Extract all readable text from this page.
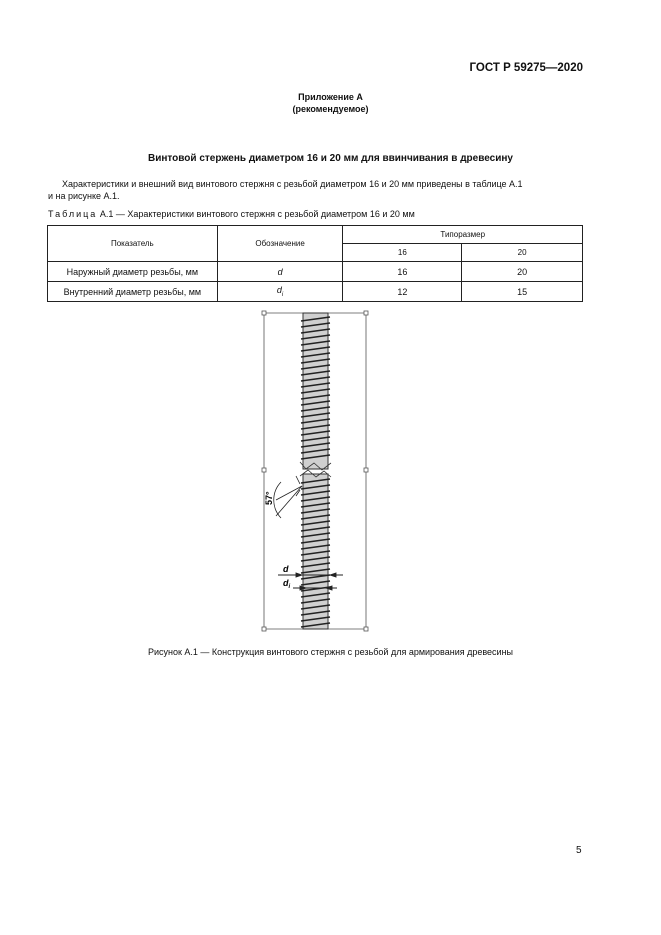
ГОСТ Р 59275—2020
Приложение А
(рекомендуемое)
Винтовой стержень диаметром 16 и 20 мм для ввинчивания в древесину
Характеристики и внешний вид винтового стержня с резьбой диаметром 16 и 20 мм приведены в таблице А.1
и на рисунке А.1.
Таблица А.1 — Характеристики винтового стержня с резьбой диаметром 16 и 20 мм
Показатель	Обозначение	Типоразмер	
		16	20
Наружный диаметр резьбы, мм	d	16	20
Внутренний диаметр резьбы, мм	$d_i$	12	15
57°
d
$d_i$
Рисунок А.1 — Конструкция винтового стержня с резьбой для армирования древесины
5
